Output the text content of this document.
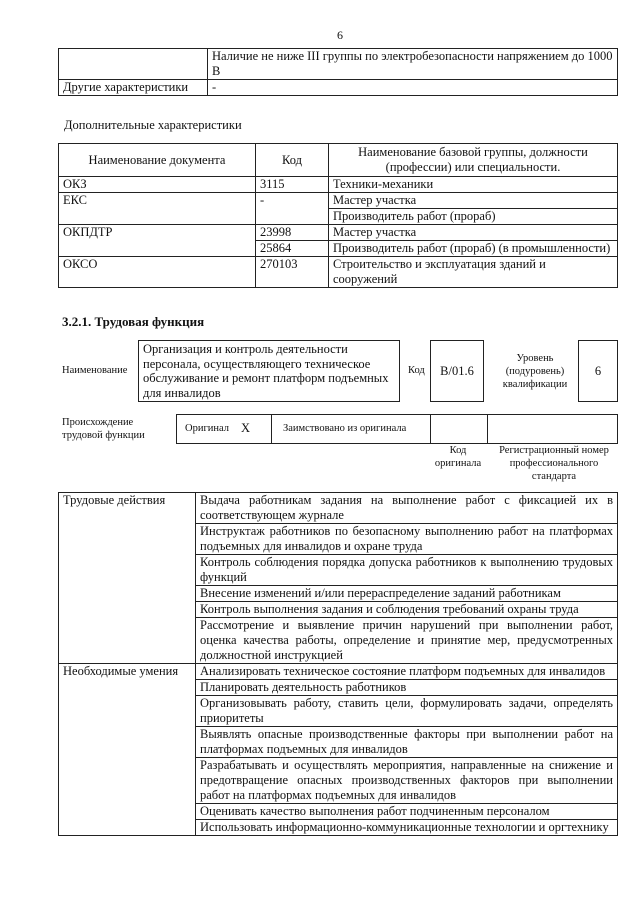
6
	Наличие не ниже III группы по электробезопасности напряжением до 1000 В
Другие характеристики	-
Дополнительные характеристики
Наименование документа	Код	Наименование базовой группы, должности (профессии) или специальности.
ОКЗ	3115	Техники-механики
ЕКС	-	Мастер участка
		Производитель работ (прораб)
ОКПДТР	23998	Мастер участка
	25864	Производитель работ (прораб) (в промышленности)
ОКСО	270103	Строительство и эксплуатация зданий и сооружений
3.2.1. Трудовая функция
Наименование
Организация и контроль деятельности персонала, осуществляющего техническое обслуживание и ремонт платформ подъемных для инвалидов
Код	B/01.6
Уровень (подуровень) квалификации
6
Происхождение трудовой функции
Оригинал X	Заимствовано из оригинала
Код оригинала
Регистрационный номер профессионального стандарта
Трудовые действия	Выдача работникам задания на выполнение работ с фиксацией их в соответствующем журнале
	Инструктаж работников по безопасному выполнению работ на платформах подъемных для инвалидов и охране труда
	Контроль соблюдения порядка допуска работников к выполнению трудовых функций
	Внесение изменений и/или перераспределение заданий работникам
	Контроль выполнения задания и соблюдения требований охраны труда
	Рассмотрение и выявление причин нарушений при выполнении работ, оценка качества работы, определение и принятие мер, предусмотренных должностной инструкцией
Необходимые умения	Анализировать техническое состояние платформ подъемных для инвалидов
	Планировать деятельность работников
	Организовывать работу, ставить цели, формулировать задачи, определять приоритеты
	Выявлять опасные производственные факторы при выполнении работ на платформах подъемных для инвалидов
	Разрабатывать и осуществлять мероприятия, направленные на снижение и предотвращение опасных производственных факторов при выполнении работ на платформах подъемных для инвалидов
	Оценивать качество выполнения работ подчиненным персоналом
	Использовать информационно-коммуникационные технологии и оргтехнику
